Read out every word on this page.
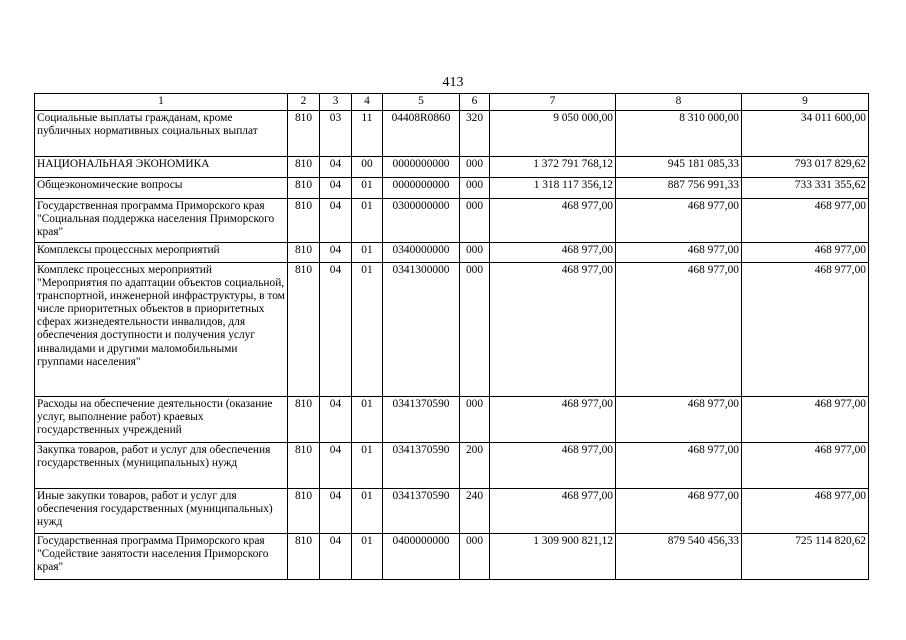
413
1	2	3	4	5	6	7	8	9
Социальные выплаты гражданам, кроме публичных нормативных социальных выплат	810	03	11	04408R0860	320	9 050 000,00	8 310 000,00	34 011 600,00
НАЦИОНАЛЬНАЯ ЭКОНОМИКА	810	04	00	0000000000	000	1 372 791 768,12	945 181 085,33	793 017 829,62
Общеэкономические вопросы	810	04	01	0000000000	000	1 318 117 356,12	887 756 991,33	733 331 355,62
Государственная программа Приморского края "Социальная поддержка населения Приморского края"	810	04	01	0300000000	000	468 977,00	468 977,00	468 977,00
Комплексы процессных мероприятий	810	04	01	0340000000	000	468 977,00	468 977,00	468 977,00
Комплекс процессных мероприятий "Мероприятия по адаптации объектов социальной, транспортной, инженерной инфраструктуры, в том числе приоритетных объектов в приоритетных сферах жизнедеятельности инвалидов, для обеспечения доступности и получения услуг инвалидами и другими маломобильными группами населения"	810	04	01	0341300000	000	468 977,00	468 977,00	468 977,00
Расходы на обеспечение деятельности (оказание услуг, выполнение работ) краевых государственных учреждений	810	04	01	0341370590	000	468 977,00	468 977,00	468 977,00
Закупка товаров, работ и услуг для обеспечения государственных (муниципальных) нужд	810	04	01	0341370590	200	468 977,00	468 977,00	468 977,00
Иные закупки товаров, работ и услуг для обеспечения государственных (муниципальных) нужд	810	04	01	0341370590	240	468 977,00	468 977,00	468 977,00
Государственная программа Приморского края "Содействие занятости населения Приморского края"	810	04	01	0400000000	000	1 309 900 821,12	879 540 456,33	725 114 820,62
